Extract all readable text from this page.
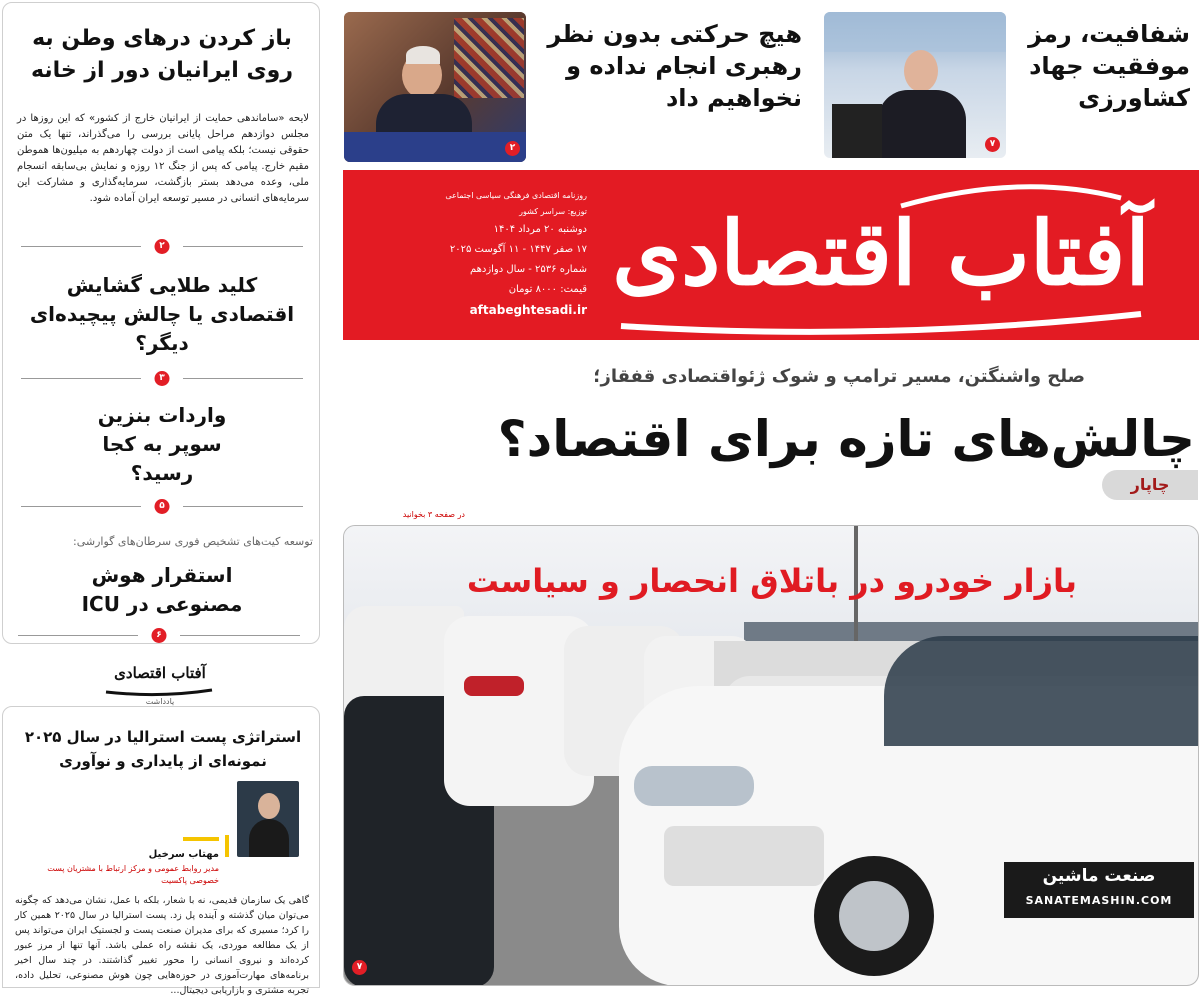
باز کردن درهای وطن به روی ایرانیان دور از خانه
لایحه «ساماندهی حمایت از ایرانیان خارج از کشور» که این روزها در مجلس دوازدهم مراحل پایانی بررسی را می‌گذراند، تنها یک متن حقوقی نیست؛ بلکه پیامی است از دولت چهاردهم به میلیون‌ها هموطن مقیم خارج. پیامی که پس از جنگ ۱۲ روزه و نمایش بی‌سابقه انسجام ملی، وعده می‌دهد بستر بازگشت، سرمایه‌گذاری و مشارکت این سرمایه‌های انسانی در مسیر توسعه ایران آماده شود.
۲
کلید طلایی گشایش اقتصادی یا چالش پیچیده‌ای دیگر؟
۳
واردات بنزین سوپر به کجا رسید؟
۵
توسعه کیت‌های تشخیص فوری سرطان‌های گوارشی:
استقرار هوش مصنوعی در ICU
۶
آفتاب اقتصادی
یادداشت
استراتژی پست استرالیا در سال ۲۰۲۵ نمونه‌ای از پایداری و نوآوری
مهتاب سرخیل
مدیر روابط عمومی و مرکز ارتباط با مشتریان پست خصوصی پاکسیت
گاهی یک سازمان قدیمی، نه با شعار، بلکه با عمل، نشان می‌دهد که چگونه می‌توان میان گذشته و آینده پل زد. پست استرالیا در سال ۲۰۲۵ همین کار را کرد؛ مسیری که برای مدیران صنعت پست و لجستیک ایران می‌تواند پس از یک مطالعه موردی، یک نقشه راه عملی باشد. آنها تنها از مرز عبور کرده‌اند و نیروی انسانی را محور تغییر گذاشتند. در چند سال اخیر برنامه‌های مهارت‌آموزی در حوزه‌هایی چون هوش مصنوعی، تحلیل داده، تجربه مشتری و بازاریابی دیجیتال...
۲
هیچ حرکتی بدون نظر رهبری انجام نداده و نخواهیم داد
۷
شفافیت، رمز موفقیت جهاد کشاورزی
روزنامه اقتصادی فرهنگی سیاسی اجتماعی
توزیع: سراسر کشور
دوشنبه ۲۰ مرداد ۱۴۰۴
۱۷ صفر ۱۴۴۷ - ۱۱ آگوست ۲۰۲۵
شماره ۲۵۳۶ - سال دوازدهم
قیمت: ۸۰۰۰ تومان
aftabeghtesadi.ir
آفتاب اقتصادی
صلح واشنگتن، مسیر ترامپ و شوک ژئواقتصادی قفقاز؛
چالش‌های تازه برای اقتصاد؟
چاپار
در صفحه ۳ بخوانید
بازار خودرو در باتلاق انحصار و سیاست
صنعت ماشین
SANATEMASHIN.COM
۷
